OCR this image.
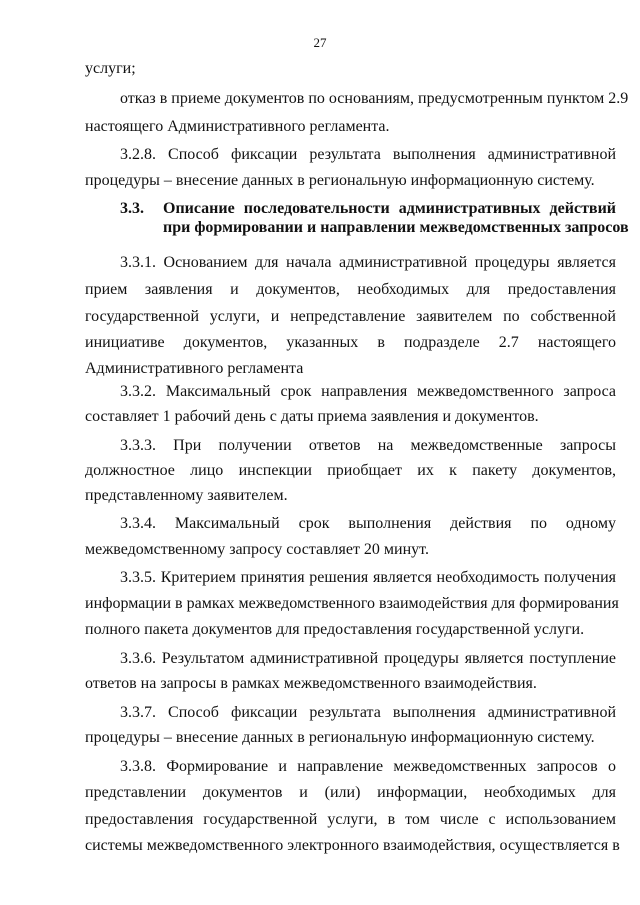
27
услуги;
отказ в приеме документов по основаниям, предусмотренным пунктом 2.9
настоящего Административного регламента.
3.2.8. Способ фиксации результата выполнения административной
процедуры – внесение данных в региональную информационную систему.
3.3.	Описание последовательности административных действий
при формировании и направлении межведомственных запросов
3.3.1. Основанием для начала административной процедуры является
прием заявления и документов, необходимых для предоставления
государственной услуги, и непредставление заявителем по собственной
инициативе документов, указанных в подразделе 2.7 настоящего
Административного регламента
3.3.2. Максимальный срок направления межведомственного запроса
составляет 1 рабочий день с даты приема заявления и документов.
3.3.3. При получении ответов на межведомственные запросы
должностное лицо инспекции приобщает их к пакету документов,
представленному заявителем.
3.3.4. Максимальный срок выполнения действия по одному
межведомственному запросу составляет 20 минут.
3.3.5. Критерием принятия решения является необходимость получения
информации в рамках межведомственного взаимодействия для формирования
полного пакета документов для предоставления государственной услуги.
3.3.6. Результатом административной процедуры является поступление
ответов на запросы в рамках межведомственного взаимодействия.
3.3.7. Способ фиксации результата выполнения административной
процедуры – внесение данных в региональную информационную систему.
3.3.8. Формирование и направление межведомственных запросов о
представлении документов и (или) информации, необходимых для
предоставления государственной услуги, в том числе с использованием
системы межведомственного электронного взаимодействия, осуществляется в
